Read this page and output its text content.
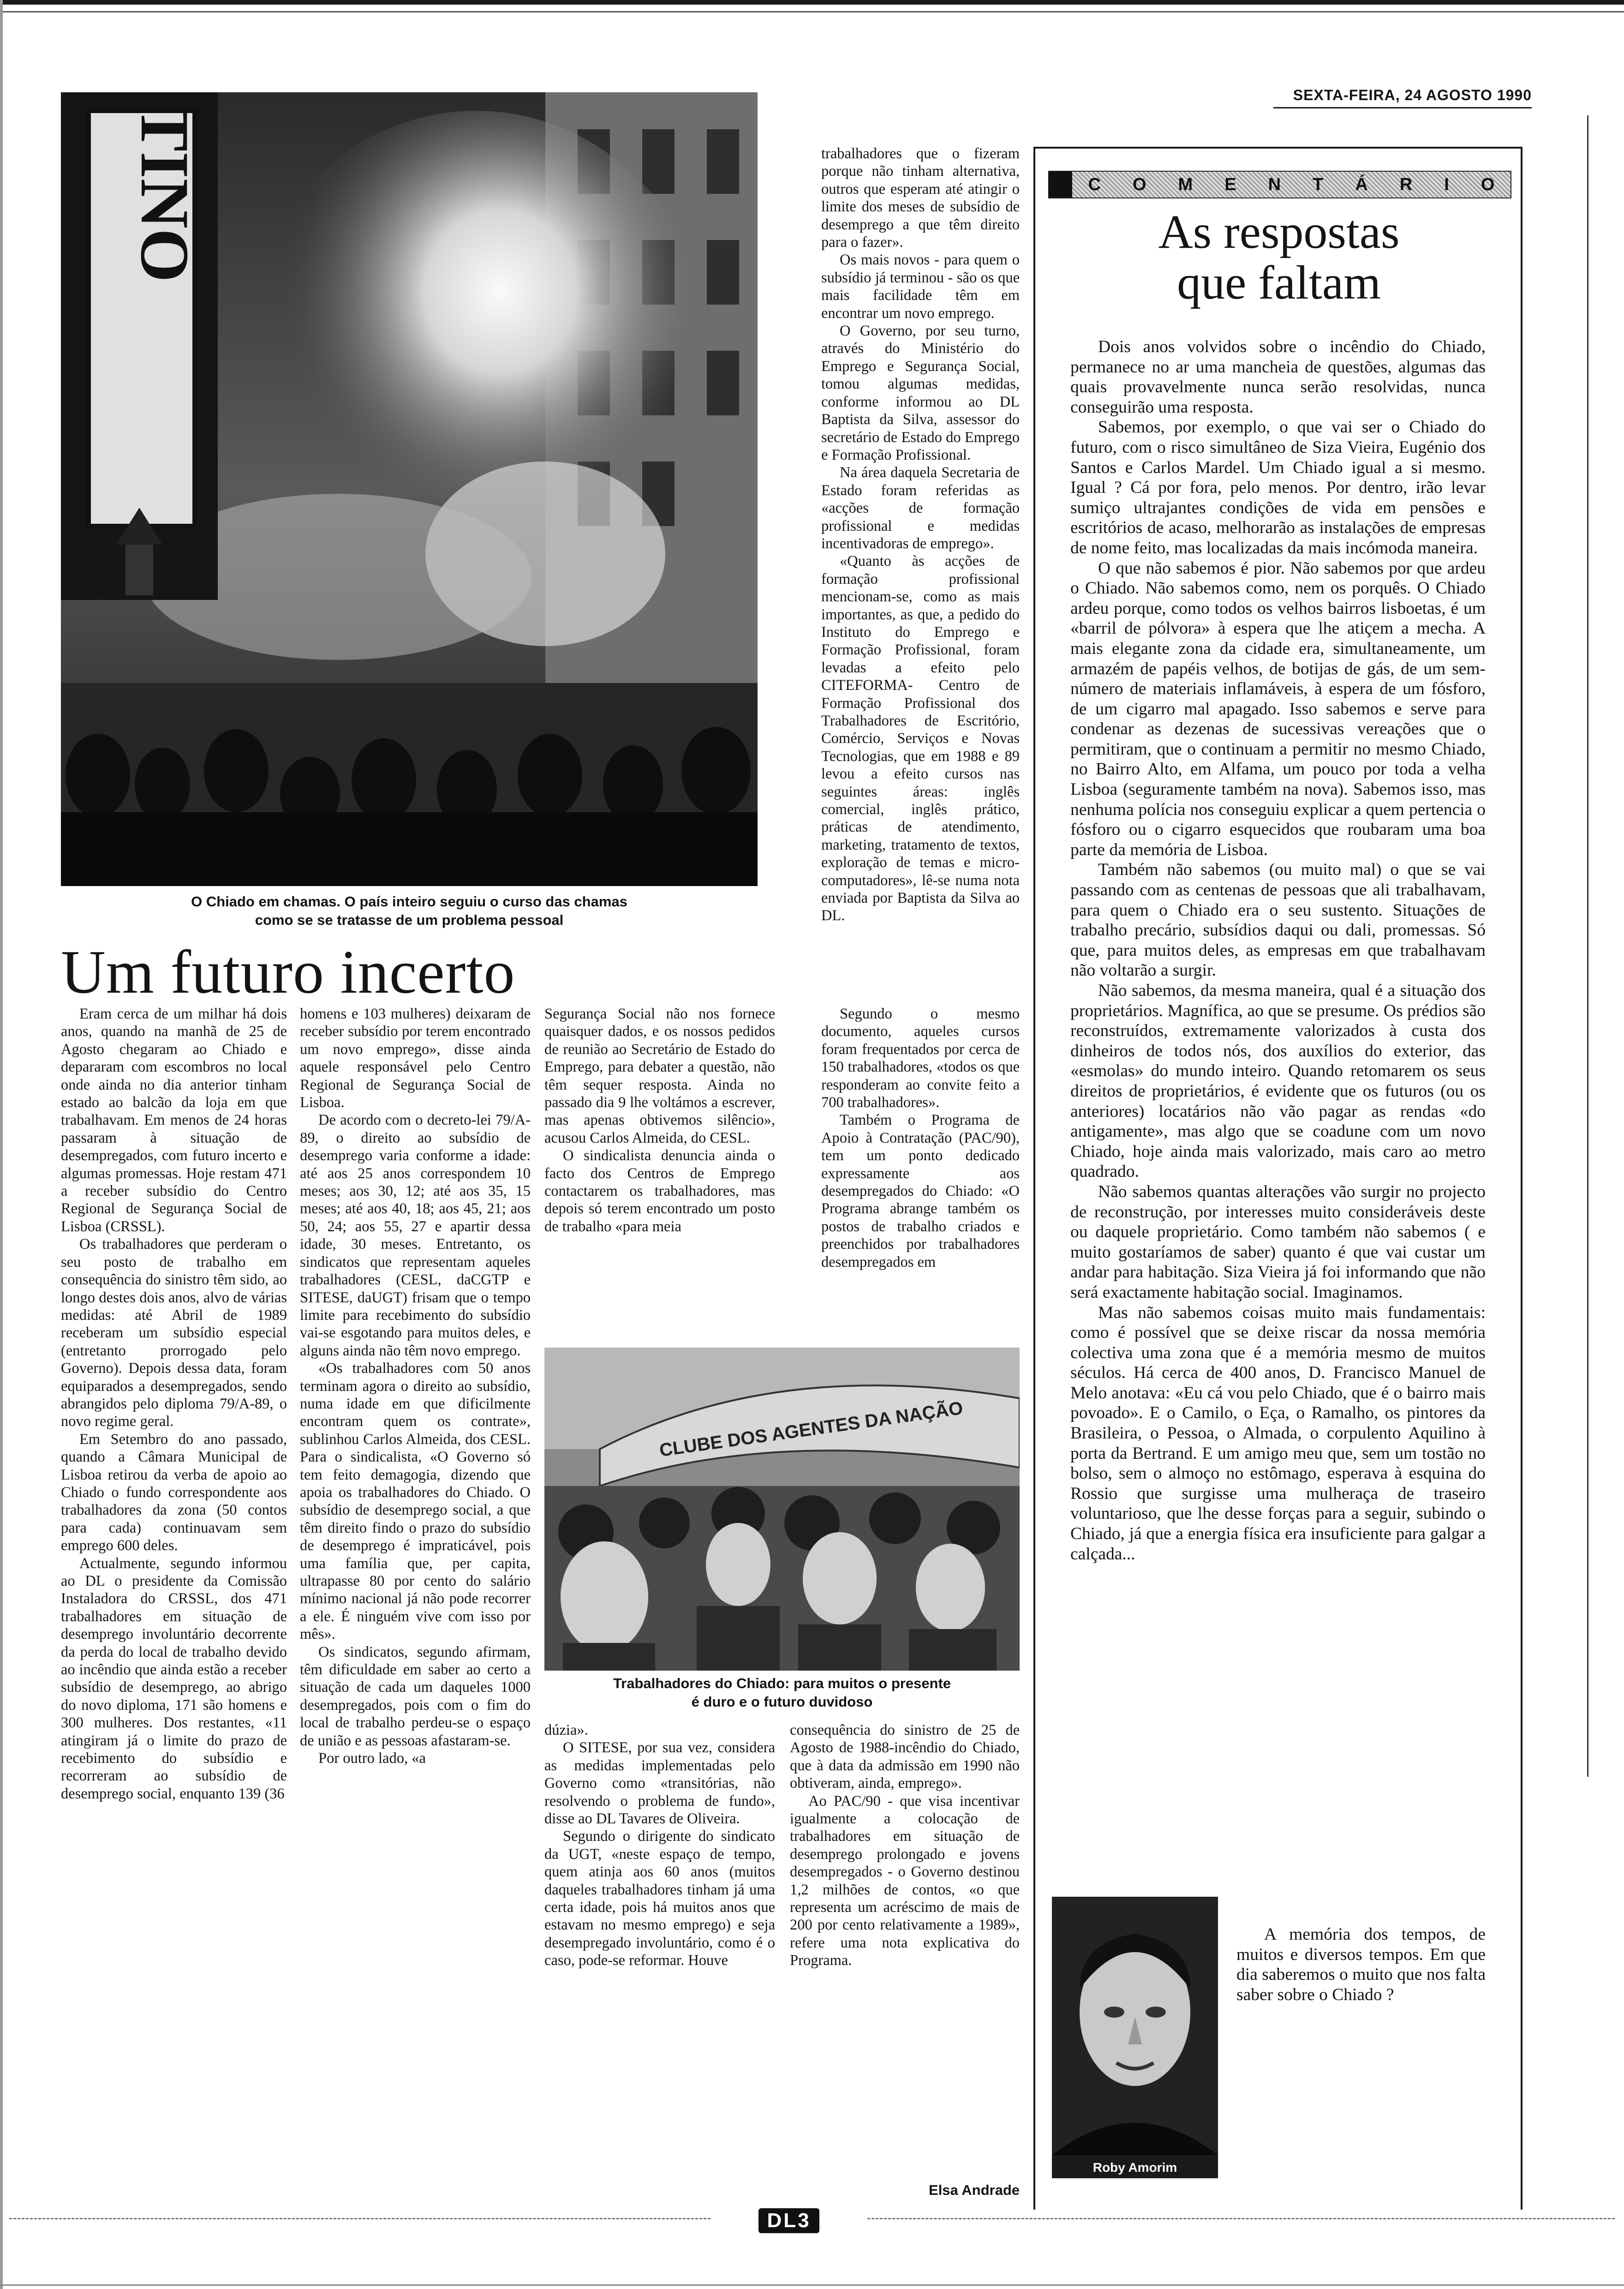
SEXTA-FEIRA, 24 AGOSTO 1990
TINO
O Chiado em chamas. O país inteiro seguiu o curso das chamas
como se se tratasse de um problema pessoal
Um futuro incerto

Eram cerca de um milhar há dois anos, quando na manhã de 25 de Agosto chegaram ao Chiado e depararam com escombros no local onde ainda no dia anterior tinham estado ao balcão da loja em que trabalhavam. Em menos de 24 horas passaram à situação de desempregados, com futuro incerto e algumas promessas. Hoje restam 471 a receber subsídio do Centro Regional de Segurança Social de Lisboa (CRSSL).

Os trabalhadores que perderam o seu posto de trabalho em consequência do sinistro têm sido, ao longo destes dois anos, alvo de várias medidas: até Abril de 1989 receberam um subsídio especial (entretanto prorrogado pelo Governo). Depois dessa data, foram equiparados a desempregados, sendo abrangidos pelo diploma 79/A-89, o novo regime geral.

Em Setembro do ano passado, quando a Câmara Municipal de Lisboa retirou da verba de apoio ao Chiado o fundo correspondente aos trabalhadores da zona (50 contos para cada) continuavam sem emprego 600 deles.

Actualmente, segundo informou ao DL o presidente da Comissão Instaladora do CRSSL, dos 471 trabalhadores em situação de desemprego involuntário decorrente da perda do local de trabalho devido ao incêndio que ainda estão a receber subsídio de desemprego, ao abrigo do novo diploma, 171 são homens e 300 mulheres. Dos restantes, «11 atingiram já o limite do prazo de recebimento do subsídio e recorreram ao subsídio de desemprego social, enquanto 139 (36

homens e 103 mulheres) deixaram de receber subsídio por terem encontrado um novo emprego», disse ainda aquele responsável pelo Centro Regional de Segurança Social de Lisboa.

De acordo com o decreto-lei 79/A-89, o direito ao subsídio de desemprego varia conforme a idade: até aos 25 anos correspondem 10 meses; aos 30, 12; até aos 35, 15 meses; até aos 40, 18; aos 45, 21; aos 50, 24; aos 55, 27 e apartir dessa idade, 30 meses. Entretanto, os sindicatos que representam aqueles trabalhadores (CESL, daCGTP e SITESE, daUGT) frisam que o tempo limite para recebimento do subsídio vai-se esgotando para muitos deles, e alguns ainda não têm novo emprego.

«Os trabalhadores com 50 anos terminam agora o direito ao subsídio, numa idade em que dificilmente encontram quem os contrate», sublinhou Carlos Almeida, dos CESL. Para o sindicalista, «O Governo só tem feito demagogia, dizendo que apoia os trabalhadores do Chiado. O subsídio de desemprego social, a que têm direito findo o prazo do subsídio de desemprego é impraticável, pois uma família que, per capita, ultrapasse 80 por cento do salário mínimo nacional já não pode recorrer a ele. É ninguém vive com isso por mês».

Os sindicatos, segundo afirmam, têm dificuldade em saber ao certo a situação de cada um daqueles 1000 desempregados, pois com o fim do local de trabalho perdeu-se o espaço de união e as pessoas afastaram-se.

Por outro lado, «a

Segurança Social não nos fornece quaisquer dados, e os nossos pedidos de reunião ao Secretário de Estado do Emprego, para debater a questão, não têm sequer resposta. Ainda no passado dia 9 lhe voltámos a escrever, mas apenas obtivemos silêncio», acusou Carlos Almeida, do CESL.

O sindicalista denuncia ainda o facto dos Centros de Emprego contactarem os trabalhadores, mas depois só terem encontrado um posto de trabalho «para meia

trabalhadores que o fizeram porque não tinham alternativa, outros que esperam até atingir o limite dos meses de subsídio de desemprego a que têm direito para o fazer».

Os mais novos - para quem o subsídio já terminou - são os que mais facilidade têm em encontrar um novo emprego.

O Governo, por seu turno, através do Ministério do Emprego e Segurança Social, tomou algumas medidas, conforme informou ao DL Baptista da Silva, assessor do secretário de Estado do Emprego e Formação Profissional.

Na área daquela Secretaria de Estado foram referidas as «acções de formação profissional e medidas incentivadoras de emprego».

«Quanto às acções de formação profissional mencionam-se, como as mais importantes, as que, a pedido do Instituto do Emprego e Formação Profissional, foram levadas a efeito pelo CITEFORMA- Centro de Formação Profissional dos Trabalhadores de Escritório, Comércio, Serviços e Novas Tecnologias, que em 1988 e 89 levou a efeito cursos nas seguintes áreas: inglês comercial, inglês prático, práticas de atendimento, marketing, tratamento de textos, exploração de temas e micro-computadores», lê-se numa nota enviada por Baptista da Silva ao DL.

Segundo o mesmo documento, aqueles cursos foram frequentados por cerca de 150 trabalhadores, «todos os que responderam ao convite feito a 700 trabalhadores».

Também o Programa de Apoio à Contratação (PAC/90), tem um ponto dedicado expressamente aos desempregados do Chiado: «O Programa abrange também os postos de trabalho criados e preenchidos por trabalhadores desempregados em

CLUBE DOS AGENTES DA NAÇÃO
Trabalhadores do Chiado: para muitos o presente
é duro e o futuro duvidoso

dúzia».

O SITESE, por sua vez, considera as medidas implementadas pelo Governo como «transitórias, não resolvendo o problema de fundo», disse ao DL Tavares de Oliveira.

Segundo o dirigente do sindicato da UGT, «neste espaço de tempo, quem atinja aos 60 anos (muitos daqueles trabalhadores tinham já uma certa idade, pois há muitos anos que estavam no mesmo emprego) e seja desempregado involuntário, como é o caso, pode-se reformar. Houve

consequência do sinistro de 25 de Agosto de 1988-incêndio do Chiado, que à data da admissão em 1990 não obtiveram, ainda, emprego».

Ao PAC/90 - que visa incentivar igualmente a colocação de trabalhadores em situação de desemprego prolongado e jovens desempregados - o Governo destinou 1,2 milhões de contos, «o que representa um acréscimo de mais de 200 por cento relativamente a 1989», refere uma nota explicativa do Programa.

Elsa Andrade
C O M E N T Á R I O
As respostas
que faltam

Dois anos volvidos sobre o incêndio do Chiado, permanece no ar uma mancheia de questões, algumas das quais provavelmente nunca serão resolvidas, nunca conseguirão uma resposta.

Sabemos, por exemplo, o que vai ser o Chiado do futuro, com o risco simultâneo de Siza Vieira, Eugénio dos Santos e Carlos Mardel. Um Chiado igual a si mesmo. Igual ? Cá por fora, pelo menos. Por dentro, irão levar sumiço ultrajantes condições de vida em pensões e escritórios de acaso, melhorarão as instalações de empresas de nome feito, mas localizadas da mais incómoda maneira.

O que não sabemos é pior. Não sabemos por que ardeu o Chiado. Não sabemos como, nem os porquês. O Chiado ardeu porque, como todos os velhos bairros lisboetas, é um «barril de pólvora» à espera que lhe atiçem a mecha. A mais elegante zona da cidade era, simultaneamente, um armazém de papéis velhos, de botijas de gás, de um sem-número de materiais inflamáveis, à espera de um fósforo, de um cigarro mal apagado. Isso sabemos e serve para condenar as dezenas de sucessivas vereações que o permitiram, que o continuam a permitir no mesmo Chiado, no Bairro Alto, em Alfama, um pouco por toda a velha Lisboa (seguramente também na nova). Sabemos isso, mas nenhuma polícia nos conseguiu explicar a quem pertencia o fósforo ou o cigarro esquecidos que roubaram uma boa parte da memória de Lisboa.

Também não sabemos (ou muito mal) o que se vai passando com as centenas de pessoas que ali trabalhavam, para quem o Chiado era o seu sustento. Situações de trabalho precário, subsídios daqui ou dali, promessas. Só que, para muitos deles, as empresas em que trabalhavam não voltarão a surgir.

Não sabemos, da mesma maneira, qual é a situação dos proprietários. Magnífica, ao que se presume. Os prédios são reconstruídos, extremamente valorizados à custa dos dinheiros de todos nós, dos auxílios do exterior, das «esmolas» do mundo inteiro. Quando retomarem os seus direitos de proprietários, é evidente que os futuros (ou os anteriores) locatários não vão pagar as rendas «do antigamente», mas algo que se coadune com um novo Chiado, hoje ainda mais valorizado, mais caro ao metro quadrado.

Não sabemos quantas alterações vão surgir no projecto de reconstrução, por interesses muito consideráveis deste ou daquele proprietário. Como também não sabemos ( e muito gostaríamos de saber) quanto é que vai custar um andar para habitação. Siza Vieira já foi informando que não será exactamente habitação social. Imaginamos.

Mas não sabemos coisas muito mais fundamentais: como é possível que se deixe riscar da nossa memória colectiva uma zona que é a memória mesmo de muitos séculos. Há cerca de 400 anos, D. Francisco Manuel de Melo anotava: «Eu cá vou pelo Chiado, que é o bairro mais povoado». E o Camilo, o Eça, o Ramalho, os pintores da Brasileira, o Pessoa, o Almada, o corpulento Aquilino à porta da Bertrand. E um amigo meu que, sem um tostão no bolso, sem o almoço no estômago, esperava à esquina do Rossio que surgisse uma mulheraça de traseiro voluntarioso, que lhe desse forças para a seguir, subindo o Chiado, já que a energia física era insuficiente para galgar a calçada...

A memória dos tempos, de muitos e diversos tempos. Em que dia saberemos o muito que nos falta saber sobre o Chiado ?

Roby Amorim
DL3
